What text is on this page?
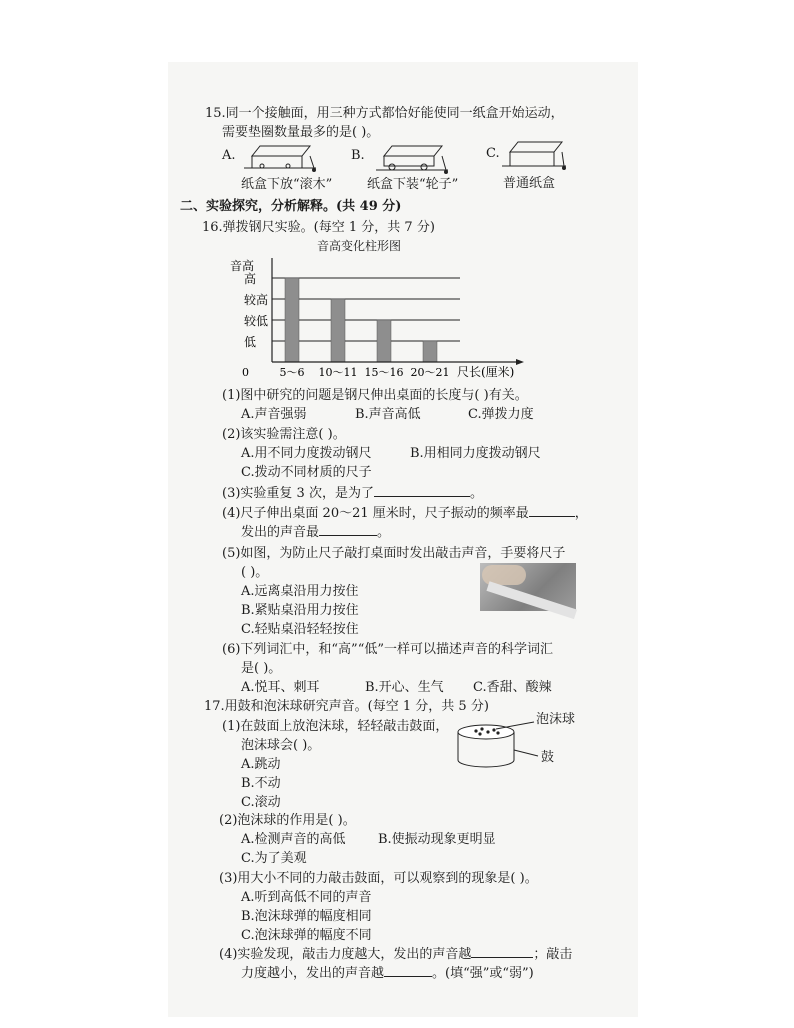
15.同一个接触面，用三种方式都恰好能使同一纸盒开始运动，
需要垫圈数量最多的是( )。
A.
纸盒下放“滚木”
B.
纸盒下装“轮子”
C.
普通纸盒
二、实验探究，分析解释。(共 49 分)
16.弹拨钢尺实验。(每空 1 分，共 7 分)
音高变化柱形图
低
较低
较高
高
5～6 10～11 15～16 20～21
音高
尺长(厘米)
0
(1)图中研究的问题是钢尺伸出桌面的长度与( )有关。
A.声音强弱	B.声音高低	C.弹拨力度
(2)该实验需注意( )。
A.用不同力度拨动钢尺	B.用相同力度拨动钢尺
C.拨动不同材质的尺子
(3)实验重复 3 次，是为了	。
(4)尺子伸出桌面 20～21 厘米时，尺子振动的频率最	，
发出的声音最	。
(5)如图，为防止尺子敲打桌面时发出敲击声音，手要将尺子
( )。
A.远离桌沿用力按住
B.紧贴桌沿用力按住
C.轻贴桌沿轻轻按住
(6)下列词汇中，和“高”“低”一样可以描述声音的科学词汇
是( )。
A.悦耳、刺耳	B.开心、生气 C.香甜、酸辣
17.用鼓和泡沫球研究声音。(每空 1 分，共 5 分)
(1)在鼓面上放泡沫球，轻轻敲击鼓面，
泡沫球会( )。
A.跳动
B.不动
C.滚动
泡沫球
鼓
(2)泡沫球的作用是( )。
A.检测声音的高低 B.使振动现象更明显
C.为了美观
(3)用大小不同的力敲击鼓面，可以观察到的现象是( )。
A.听到高低不同的声音
B.泡沫球弹的幅度相同
C.泡沫球弹的幅度不同
(4)实验发现，敲击力度越大，发出的声音越	；敲击
力度越小，发出的声音越	。(填“强”或“弱”)
